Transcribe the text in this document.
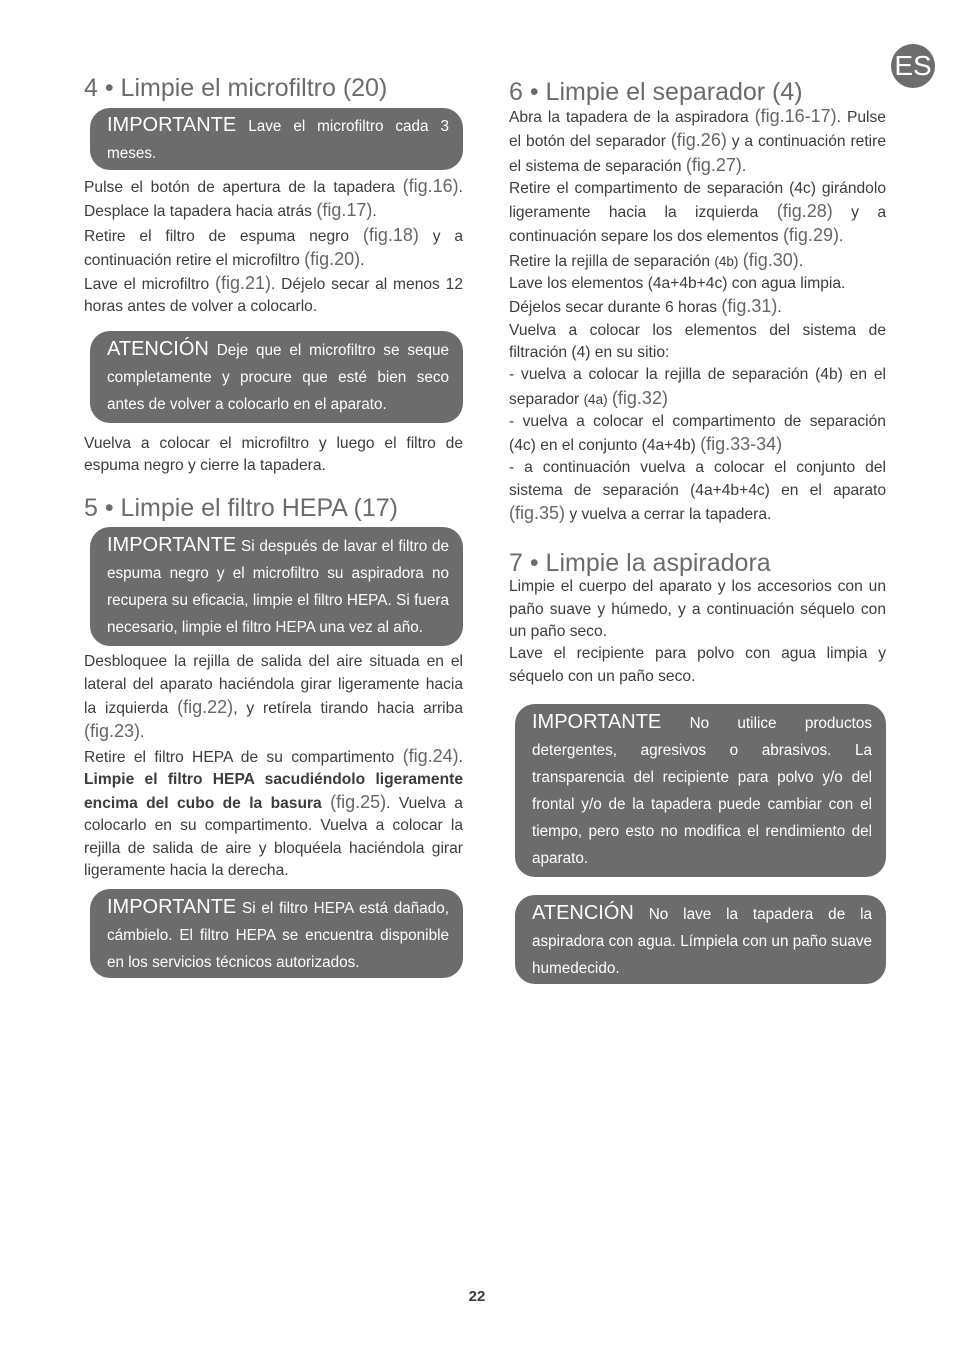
ES
4 • Limpie el microfiltro (20)

IMPORTANTE Lave el microfiltro cada 3 meses.

Pulse el botón de apertura de la tapadera (fig.16). Desplace la tapadera hacia atrás (fig.17).

Retire el filtro de espuma negro (fig.18) y a continuación retire el microfiltro (fig.20).

Lave el microfiltro (fig.21). Déjelo secar al menos 12 horas antes de volver a colocarlo.

ATENCIÓN Deje que el microfiltro se seque completamente y procure que esté bien seco antes de volver a colocarlo en el aparato.

Vuelva a colocar el microfiltro y luego el filtro de espuma negro y cierre la tapadera.

5 • Limpie el filtro HEPA (17)

IMPORTANTE Si después de lavar el filtro de espuma negro y el microfiltro su aspiradora no recupera su eficacia, limpie el filtro HEPA. Si fuera necesario, limpie el filtro HEPA una vez al año.

Desbloquee la rejilla de salida del aire situada en el lateral del aparato haciéndola girar ligeramente hacia la izquierda (fig.22), y retírela tirando hacia arriba (fig.23).

Retire el filtro HEPA de su compartimento (fig.24). Limpie el filtro HEPA sacudiéndolo ligeramente encima del cubo de la basura (fig.25). Vuelva a colocarlo en su compartimento. Vuelva a colocar la rejilla de salida de aire y bloquéela haciéndola girar ligeramente hacia la derecha.

IMPORTANTE Si el filtro HEPA está dañado, cámbielo. El filtro HEPA se encuentra disponible en los servicios técnicos autorizados.

6 • Limpie el separador (4)

Abra la tapadera de la aspiradora (fig.16-17). Pulse el botón del separador (fig.26) y a continuación retire el sistema de separación (fig.27).

Retire el compartimento de separación (4c) girándolo ligeramente hacia la izquierda (fig.28) y a continuación separe los dos elementos (fig.29).

Retire la rejilla de separación (4b) (fig.30).

Lave los elementos (4a+4b+4c) con agua limpia.

Déjelos secar durante 6 horas (fig.31).

Vuelva a colocar los elementos del sistema de filtración (4) en su sitio:

- vuelva a colocar la rejilla de separación (4b) en el separador (4a) (fig.32)

- vuelva a colocar el compartimento de separación (4c) en el conjunto (4a+4b) (fig.33-34)

- a continuación vuelva a colocar el conjunto del sistema de separación (4a+4b+4c) en el aparato (fig.35) y vuelva a cerrar la tapadera.

7 • Limpie la aspiradora

Limpie el cuerpo del aparato y los accesorios con un paño suave y húmedo, y a continuación séquelo con un paño seco.

Lave el recipiente para polvo con agua limpia y séquelo con un paño seco.

IMPORTANTE No utilice productos detergentes, agresivos o abrasivos. La transparencia del recipiente para polvo y/o del frontal y/o de la tapadera puede cambiar con el tiempo, pero esto no modifica el rendimiento del aparato.

ATENCIÓN No lave la tapadera de la aspiradora con agua. Límpiela con un paño suave humedecido.

22
